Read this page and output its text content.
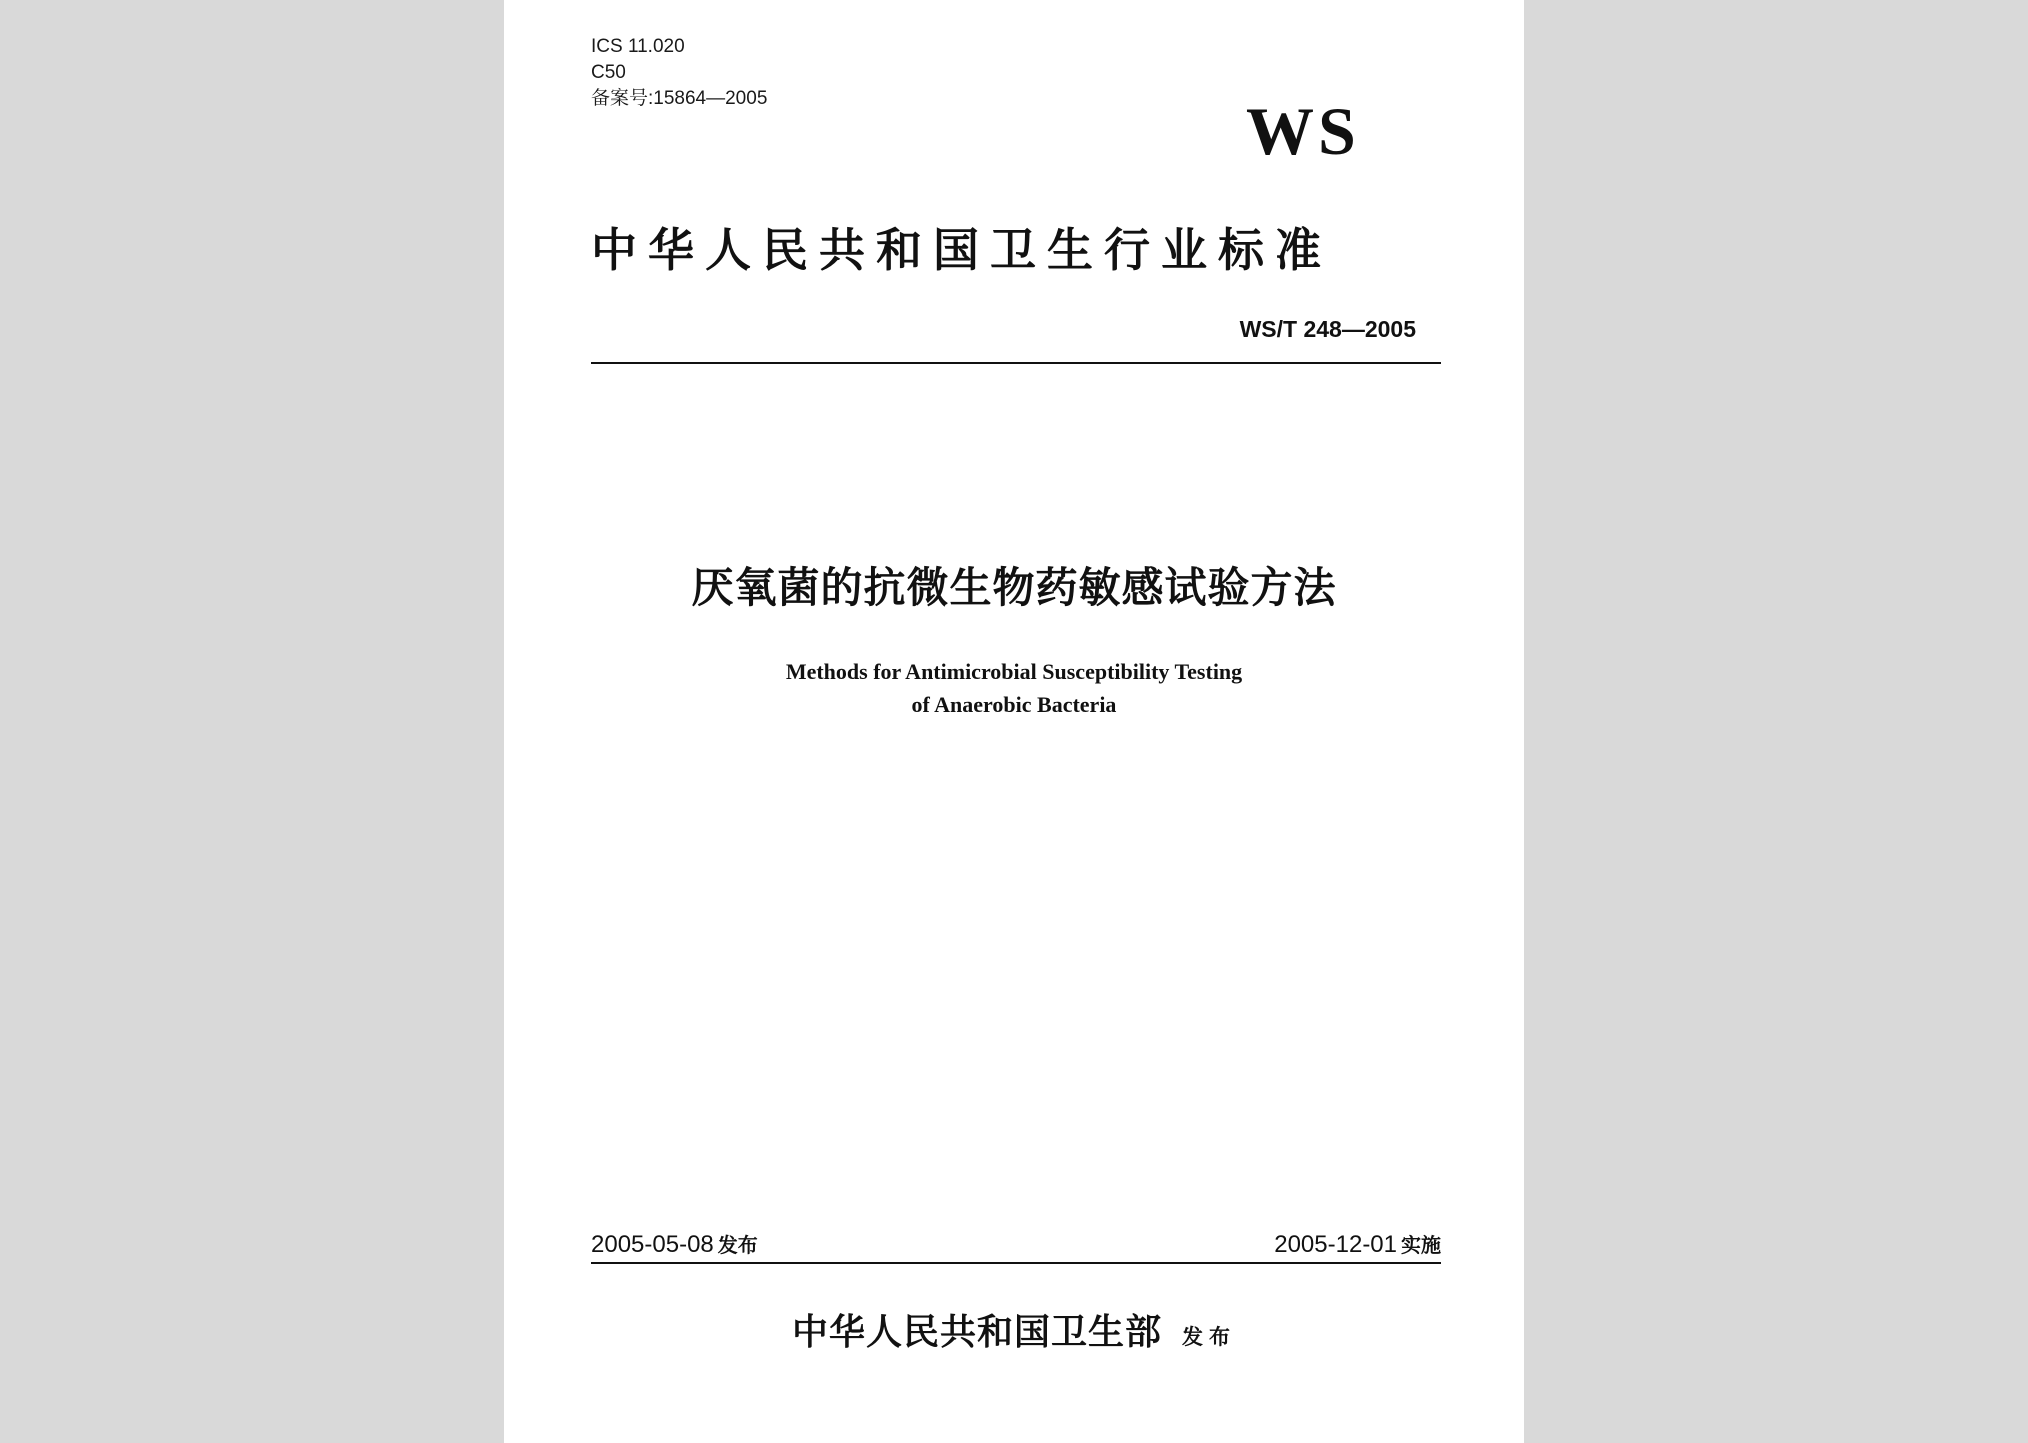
ICS 11.020
C50
备案号:15864—2005	WS
中华人民共和国卫生行业标准
WS/T 248—2005
厌氧菌的抗微生物药敏感试验方法
Methods for Antimicrobial Susceptibility Testing
of Anaerobic Bacteria
2005-05-08 发布	2005-12-01 实施
中华人民共和国卫生部 发布
